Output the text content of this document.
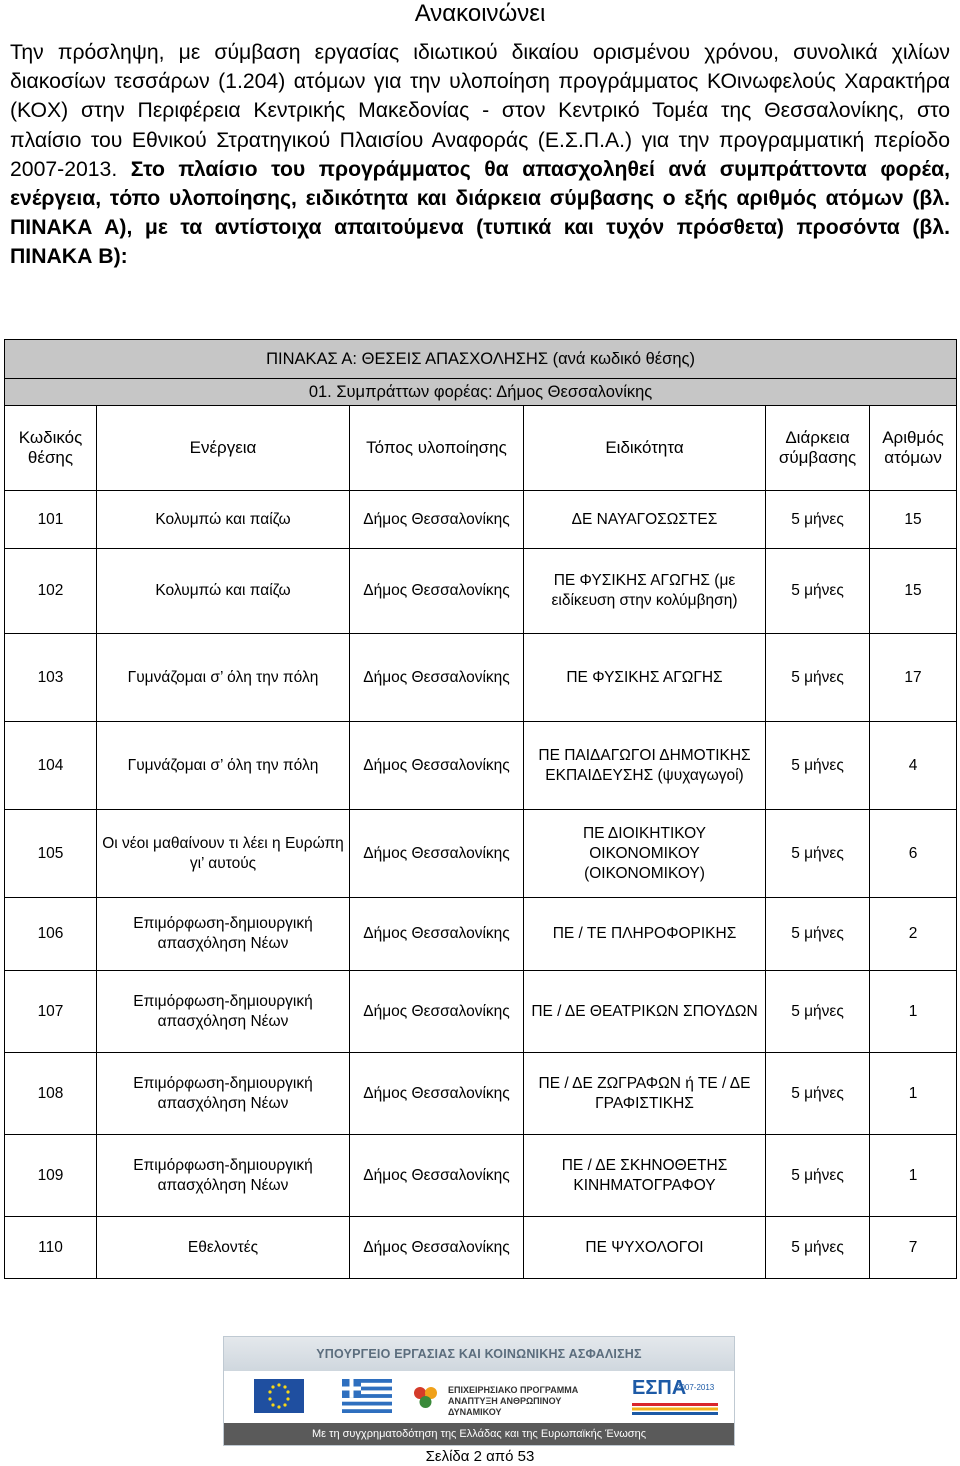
Ανακοινώνει
Την πρόσληψη, με σύμβαση εργασίας ιδιωτικού δικαίου ορισμένου χρόνου, συνολικά χιλίων διακοσίων τεσσάρων (1.204) ατόμων για την υλοποίηση προγράμματος ΚΟινωφελούς Χαρακτήρα (ΚΟΧ) στην Περιφέρεια Κεντρικής Μακεδονίας - στον Κεντρικό Τομέα της Θεσσαλονίκης, στο πλαίσιο του Εθνικού Στρατηγικού Πλαισίου Αναφοράς (Ε.Σ.Π.Α.) για την προγραμματική περίοδο 2007-2013. Στο πλαίσιο του προγράμματος θα απασχοληθεί ανά συμπράττοντα φορέα, ενέργεια, τόπο υλοποίησης, ειδικότητα και διάρκεια σύμβασης ο εξής αριθμός ατόμων (βλ. ΠΙΝΑΚΑ Α), με τα αντίστοιχα απαιτούμενα (τυπικά και τυχόν πρόσθετα) προσόντα (βλ. ΠΙΝΑΚΑ Β):
ΠΙΝΑΚΑΣ Α: ΘΕΣΕΙΣ ΑΠΑΣΧΟΛΗΣΗΣ (ανά κωδικό θέσης)					
01. Συμπράττων φορέας: Δήμος Θεσσαλονίκης					
Κωδικός θέσης	Ενέργεια	Τόπος υλοποίησης	Ειδικότητα	Διάρκεια σύμβασης	Αριθμός ατόμων
101	Κολυμπώ και παίζω	Δήμος Θεσσαλονίκης	ΔΕ ΝΑΥΑΓΟΣΩΣΤΕΣ	5 μήνες	15
102	Κολυμπώ και παίζω	Δήμος Θεσσαλονίκης	ΠΕ ΦΥΣΙΚΗΣ ΑΓΩΓΗΣ (με ειδίκευση στην κολύμβηση)	5 μήνες	15
103	Γυμνάζομαι σ’ όλη την πόλη	Δήμος Θεσσαλονίκης	ΠΕ ΦΥΣΙΚΗΣ ΑΓΩΓΗΣ	5 μήνες	17
104	Γυμνάζομαι σ’ όλη την πόλη	Δήμος Θεσσαλονίκης	ΠΕ ΠΑΙΔΑΓΩΓΟΙ ΔΗΜΟΤΙΚΗΣ ΕΚΠΑΙΔΕΥΣΗΣ (ψυχαγωγοί)	5 μήνες	4
105	Οι νέοι μαθαίνουν τι λέει η Ευρώπη γι’ αυτούς	Δήμος Θεσσαλονίκης	ΠΕ ΔΙΟΙΚΗΤΙΚΟΥ ΟΙΚΟΝΟΜΙΚΟΥ (ΟΙΚΟΝΟΜΙΚΟΥ)	5 μήνες	6
106	Επιμόρφωση-δημιουργική απασχόληση Νέων	Δήμος Θεσσαλονίκης	ΠΕ / ΤΕ ΠΛΗΡΟΦΟΡΙΚΗΣ	5 μήνες	2
107	Επιμόρφωση-δημιουργική απασχόληση Νέων	Δήμος Θεσσαλονίκης	ΠΕ / ΔΕ ΘΕΑΤΡΙΚΩΝ ΣΠΟΥΔΩΝ	5 μήνες	1
108	Επιμόρφωση-δημιουργική απασχόληση Νέων	Δήμος Θεσσαλονίκης	ΠΕ / ΔΕ ΖΩΓΡΑΦΩΝ ή ΤΕ / ΔΕ ΓΡΑΦΙΣΤΙΚΗΣ	5 μήνες	1
109	Επιμόρφωση-δημιουργική απασχόληση Νέων	Δήμος Θεσσαλονίκης	ΠΕ / ΔΕ ΣΚΗΝΟΘΕΤΗΣ ΚΙΝΗΜΑΤΟΓΡΑΦΟΥ	5 μήνες	1
110	Εθελοντές	Δήμος Θεσσαλονίκης	ΠΕ ΨΥΧΟΛΟΓΟΙ	5 μήνες	7
ΥΠΟΥΡΓΕΙΟ ΕΡΓΑΣΙΑΣ ΚΑΙ ΚΟΙΝΩΝΙΚΗΣ ΑΣΦΑΛΙΣΗΣ
ΕΠΙΧΕΙΡΗΣΙΑΚΟ ΠΡΟΓΡΑΜΜΑ ΑΝΑΠΤΥΞΗ ΑΝΘΡΩΠΙΝΟΥ ΔΥΝΑΜΙΚΟΥ
ΕΣΠΑ
2007-2013
Με τη συγχρηματοδότηση της Ελλάδας και της Ευρωπαϊκής Ένωσης
Σελίδα 2 από 53
